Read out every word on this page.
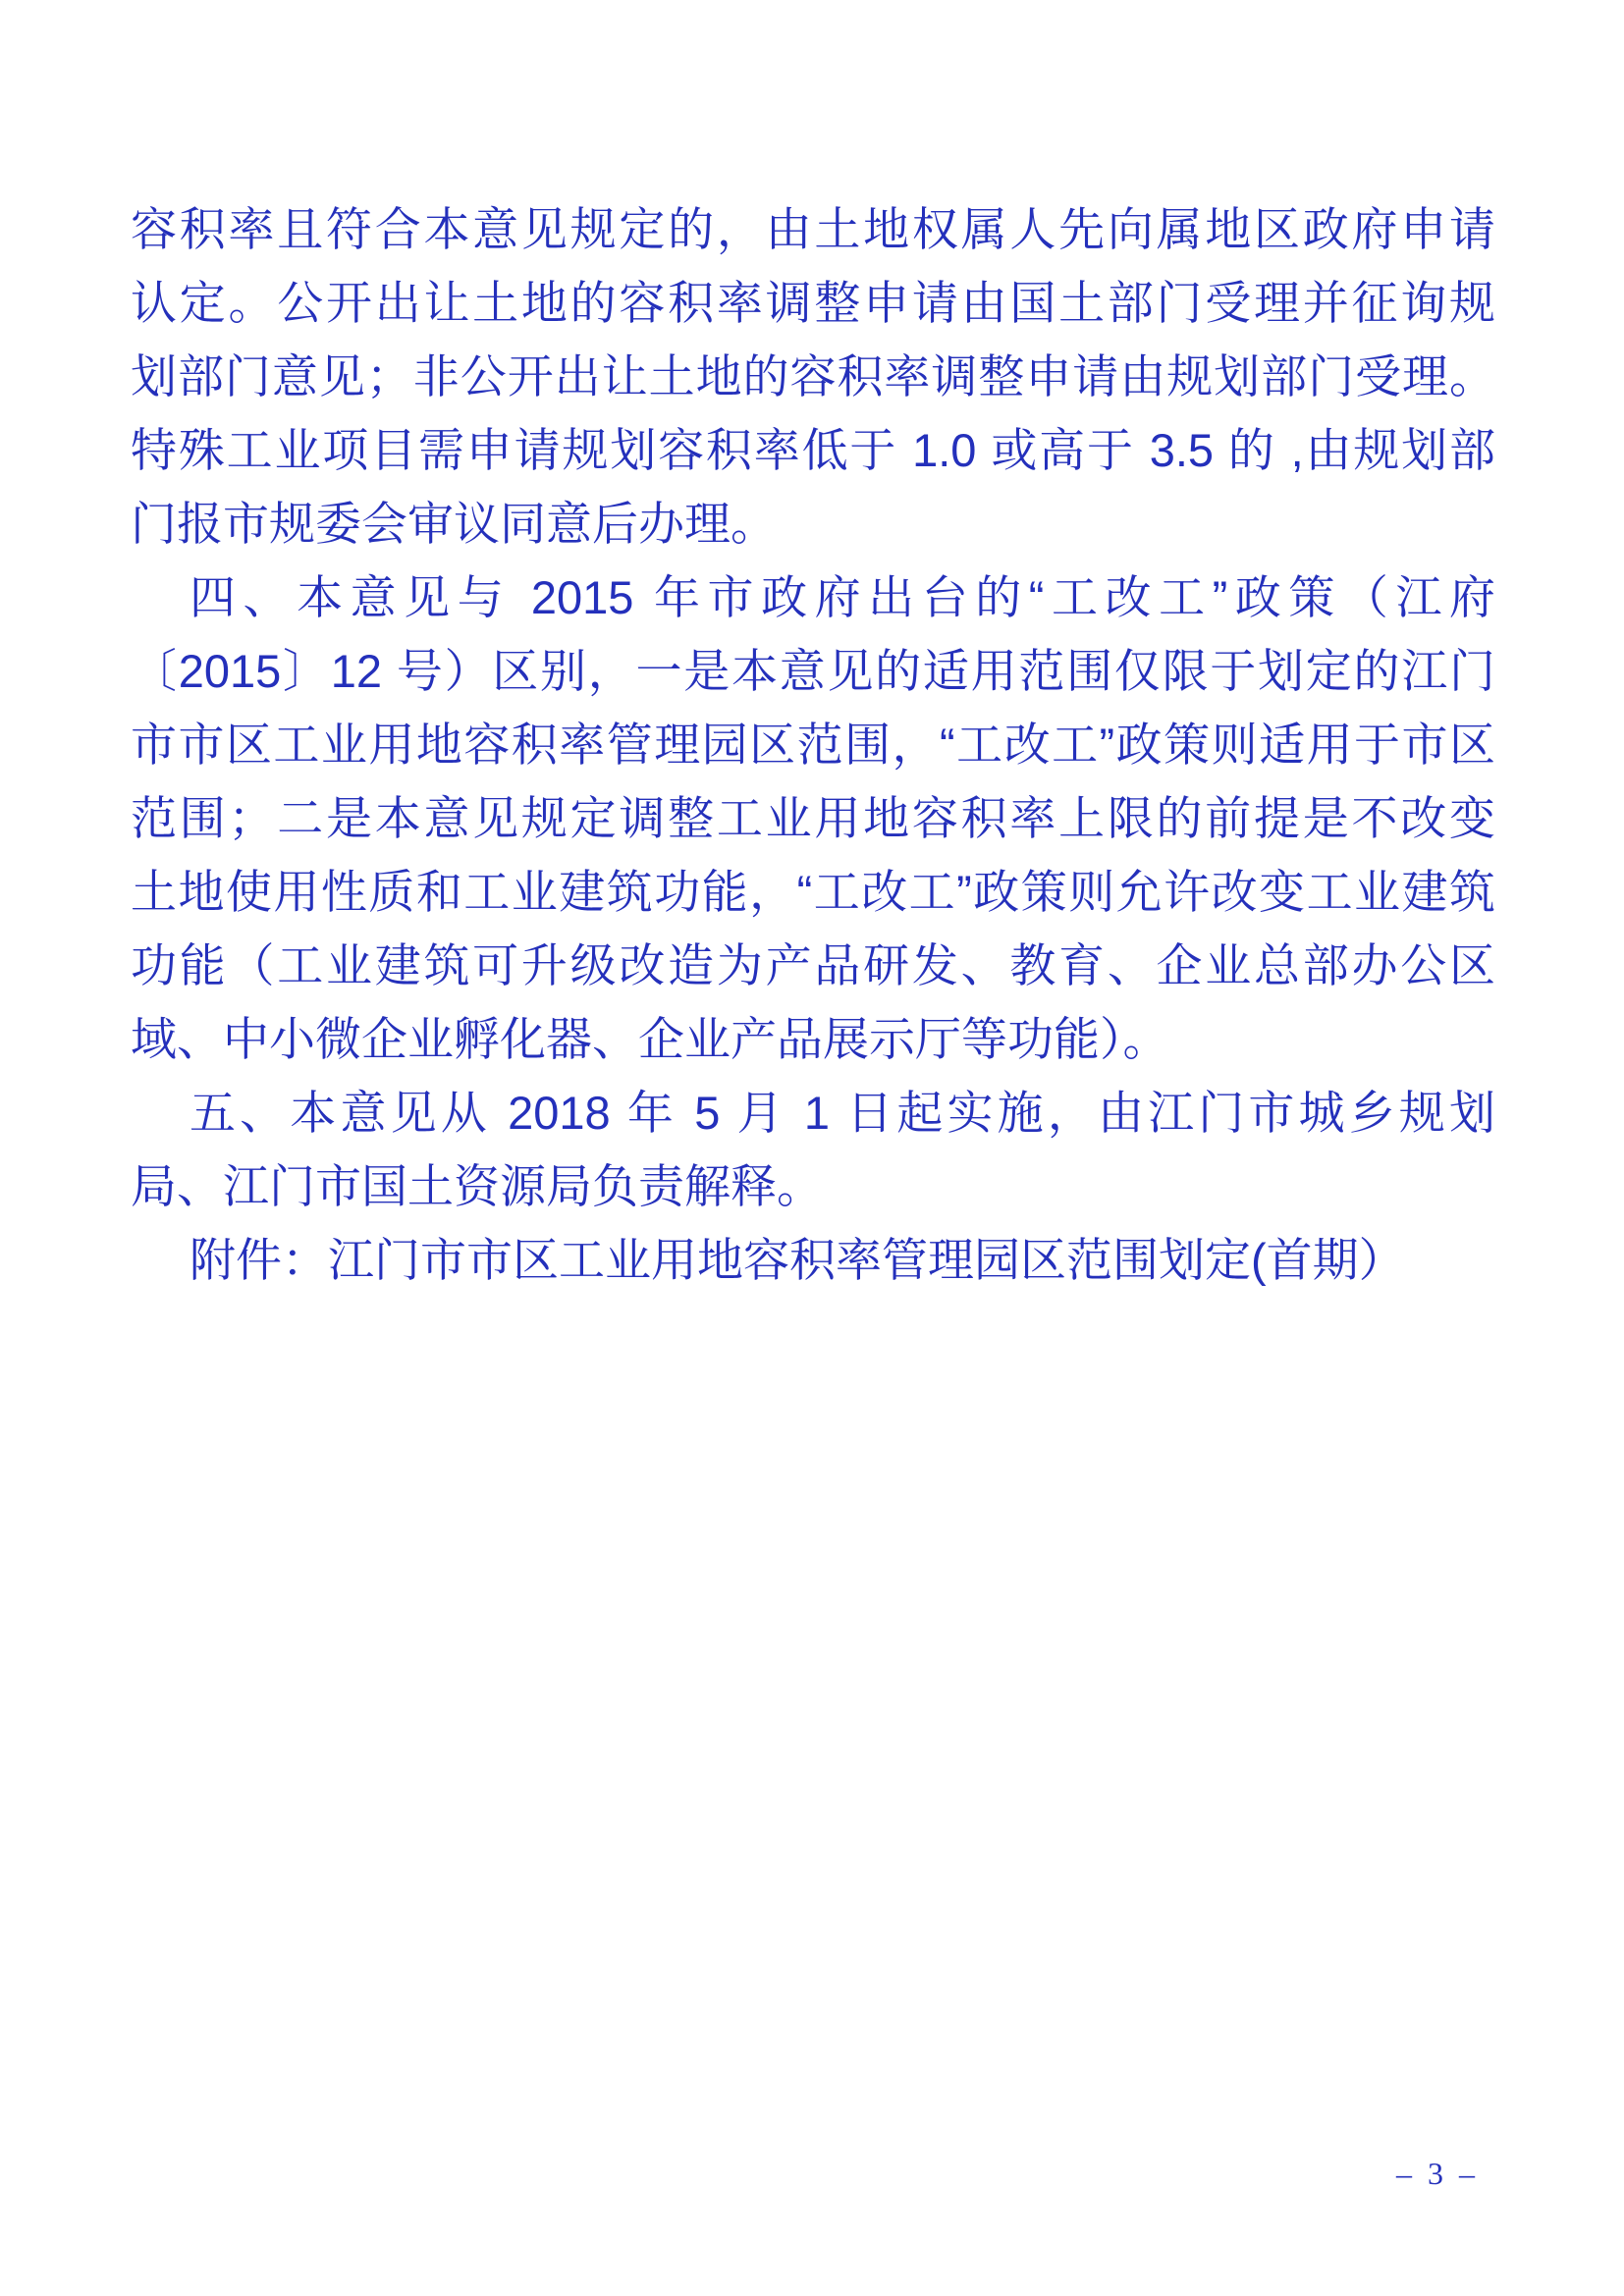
容积率且符合本意见规定的，由土地权属人先向属地区政府申请
认定。公开出让土地的容积率调整申请由国土部门受理并征询规
划部门意见；非公开出让土地的容积率调整申请由规划部门受理。
特殊工业项目需申请规划容积率低于 1.0 或高于 3.5 的 ,由规划部
门报市规委会审议同意后办理。
四、本意见与 2015 年市政府出台的“工改工”政策（江府
〔2015〕12 号）区别，一是本意见的适用范围仅限于划定的江门
市市区工业用地容积率管理园区范围，“工改工”政策则适用于市区
范围；二是本意见规定调整工业用地容积率上限的前提是不改变
土地使用性质和工业建筑功能，“工改工”政策则允许改变工业建筑
功能（工业建筑可升级改造为产品研发、教育、企业总部办公区
域、中小微企业孵化器、企业产品展示厅等功能）。
五、本意见从 2018 年 5 月 1 日起实施，由江门市城乡规划
局、江门市国土资源局负责解释。
附件：江门市市区工业用地容积率管理园区范围划定(首期）
– 3 –
